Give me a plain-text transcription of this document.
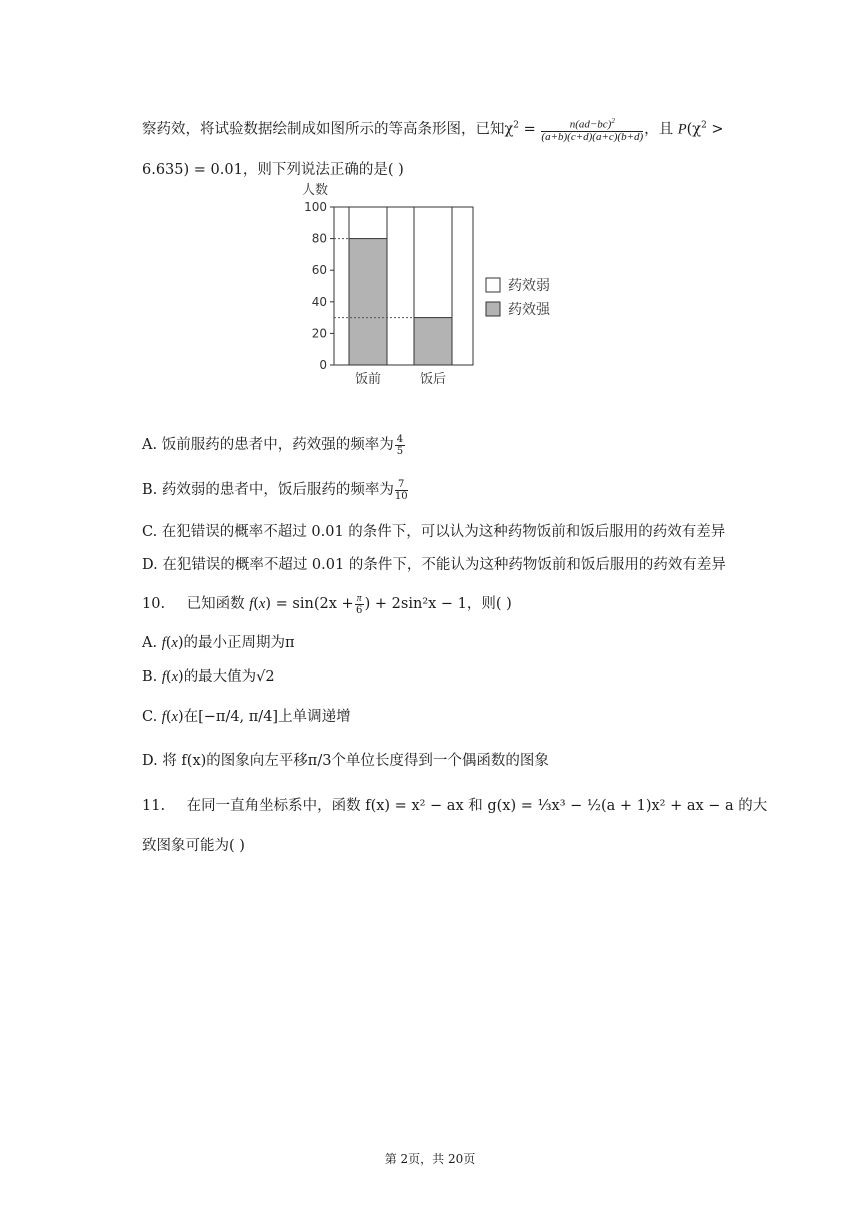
察药效，将试验数据绘制成如图所示的等高条形图，已知$\chi^2 = \frac{n(ad-bc)^2}{(a+b)(c+d)(a+c)(b+d)}$ ，且 $P(\chi^2$ >
6.635) = 0.01，则下列说法正确的是( )
人数
100
80
60
40
20
0
饭前	饭后
药效弱
药效强
A. 饭前服药的患者中，药效强的频率为 $\frac{4}{5}$
B. 药效弱的患者中，饭后服药的频率为 $\frac{7}{10}$
C. 在犯错误的概率不超过 0.01 的条件下，可以认为这种药物饭前和饭后服用的药效有差异
D. 在犯错误的概率不超过 0.01 的条件下，不能认为这种药物饭前和饭后服用的药效有差异
10. 已知函数 $f(x) = \sin(2x + \frac{\pi}{6}$ ) + 2sin²x − 1，则( )
A. f(x)的最小正周期为π
B. f(x)的最大值为√2
C. f(x)在[−π/4, π/4]上单调递增
D. 将 f(x)的图象向左平移π/3个单位长度得到一个偶函数的图象
11. 在同一直角坐标系中，函数 f(x) = x² − ax 和 g(x) = ⅓x³ − ½(a + 1)x² + ax − a 的大
致图象可能为( )
第 2页，共 20页
